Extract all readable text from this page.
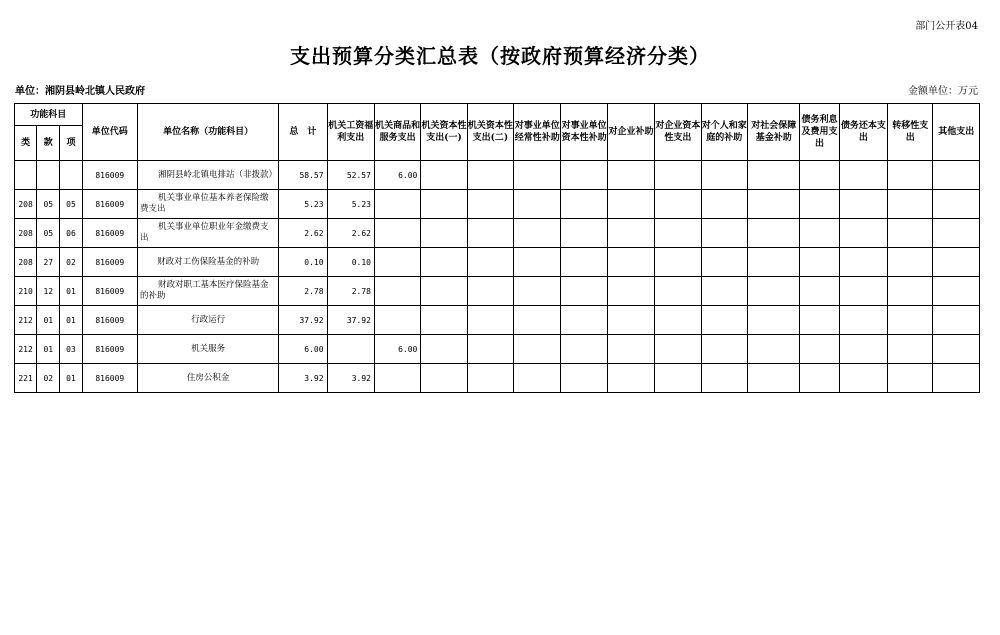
部门公开表04
支出预算分类汇总表（按政府预算经济分类）
单位：湘阴县岭北镇人民政府	金额单位：万元
功能科目			单位代码	单位名称（功能科目）	总　计	机关工资福利支出	机关商品和服务支出	机关资本性支出(一)	机关资本性支出(二)	对事业单位经常性补助	对事业单位资本性补助	对企业补助	对企业资本性支出	对个人和家庭的补助	对社会保障基金补助	债务利息及费用支出	债务还本支出	转移性支出	其他支出
类	款	项																	
			816009	湘阴县岭北镇电排站（非拨款）	58.57	52.57	6.00												
208	05	05	816009	机关事业单位基本养老保险缴费支出	5.23	5.23													
208	05	06	816009	机关事业单位职业年金缴费支出	2.62	2.62													
208	27	02	816009	财政对工伤保险基金的补助	0.10	0.10													
210	12	01	816009	财政对职工基本医疗保险基金的补助	2.78	2.78													
212	01	01	816009	行政运行	37.92	37.92													
212	01	03	816009	机关服务	6.00		6.00												
221	02	01	816009	住房公积金	3.92	3.92													
